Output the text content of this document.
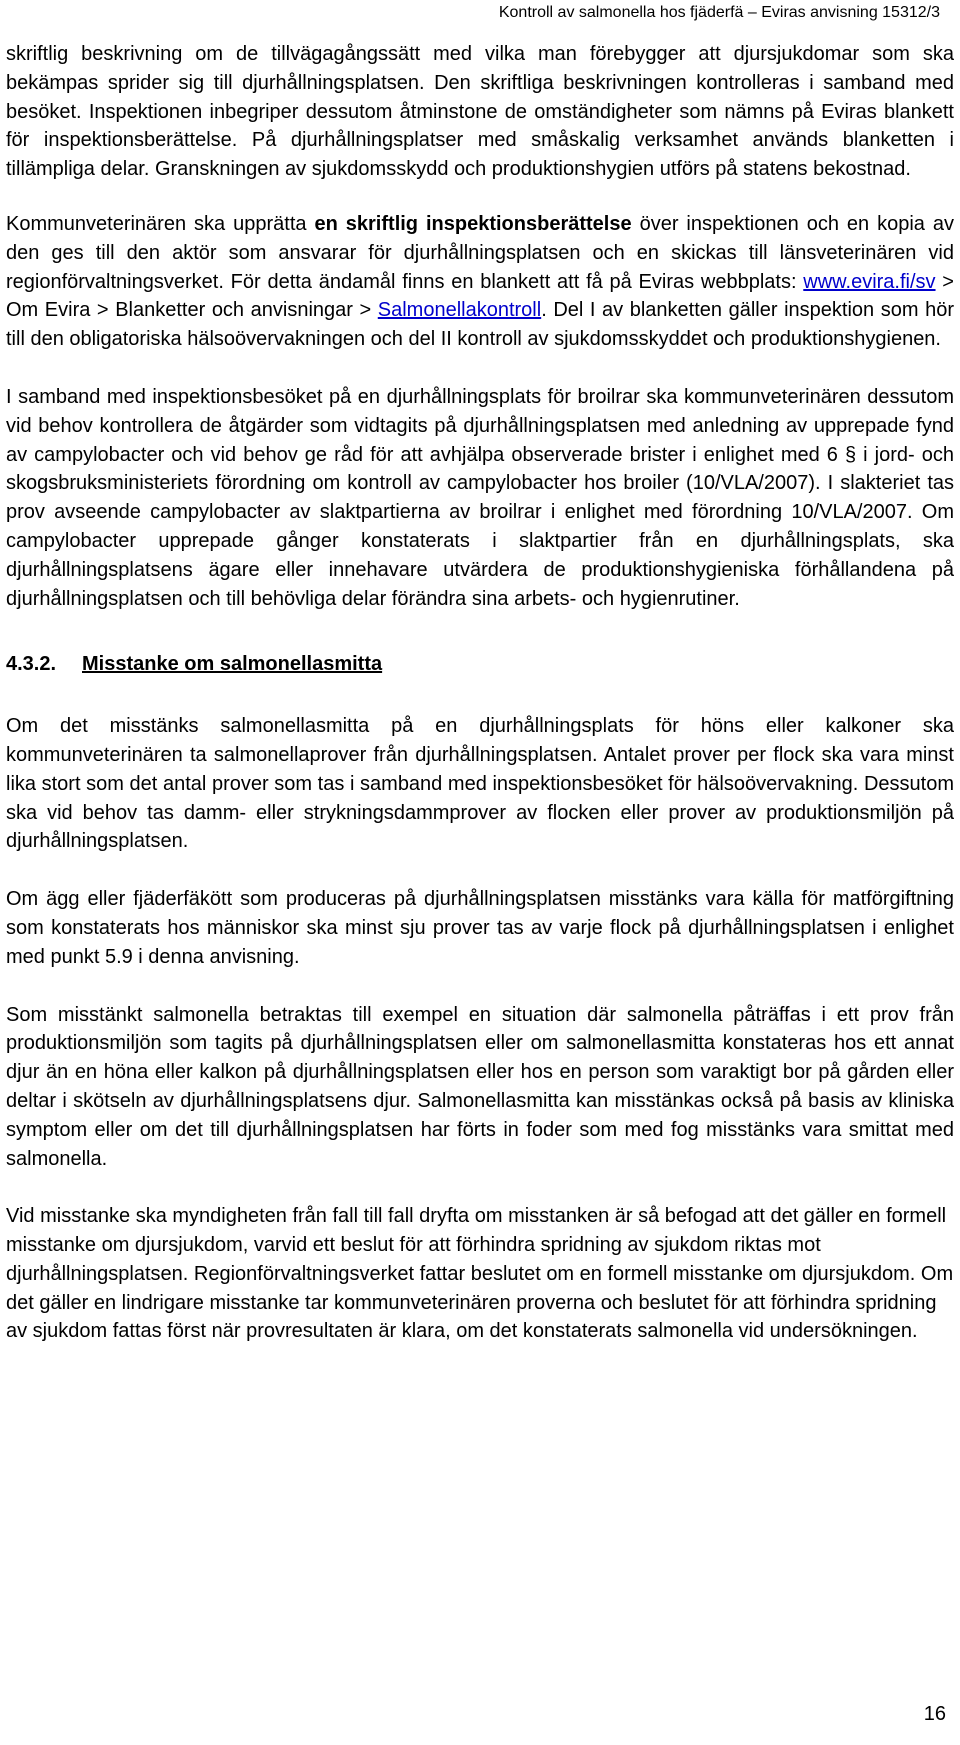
Kontroll av salmonella hos fjäderfä – Eviras anvisning 15312/3

skriftlig beskrivning om de tillvägagångssätt med vilka man förebygger att djursjukdomar som ska bekämpas sprider sig till djurhållningsplatsen. Den skriftliga beskrivningen kontrolleras i samband med besöket. Inspektionen inbegriper dessutom åtminstone de omständigheter som nämns på Eviras blankett för inspektionsberättelse. På djurhållningsplatser med småskalig verksamhet används blanketten i tillämpliga delar. Granskningen av sjukdomsskydd och produktionshygien utförs på statens bekostnad.

Kommunveterinären ska upprätta en skriftlig inspektionsberättelse över inspektionen och en kopia av den ges till den aktör som ansvarar för djurhållningsplatsen och en skickas till länsveterinären vid regionförvaltningsverket. För detta ändamål finns en blankett att få på Eviras webbplats: www.evira.fi/sv > Om Evira > Blanketter och anvisningar > Salmonellakontroll. Del I av blanketten gäller inspektion som hör till den obligatoriska hälsoövervakningen och del II kontroll av sjukdomsskyddet och produktionshygienen.

I samband med inspektionsbesöket på en djurhållningsplats för broilrar ska kommunveterinären dessutom vid behov kontrollera de åtgärder som vidtagits på djurhållningsplatsen med anledning av upprepade fynd av campylobacter och vid behov ge råd för att avhjälpa observerade brister i enlighet med 6 § i jord- och skogsbruksministeriets förordning om kontroll av campylobacter hos broiler (10/VLA/2007). I slakteriet tas prov avseende campylobacter av slaktpartierna av broilrar i enlighet med förordning 10/VLA/2007. Om campylobacter upprepade gånger konstaterats i slaktpartier från en djurhållningsplats, ska djurhållningsplatsens ägare eller innehavare utvärdera de produktionshygieniska förhållandena på djurhållningsplatsen och till behövliga delar förändra sina arbets- och hygienrutiner.

4.3.2. Misstanke om salmonellasmitta

Om det misstänks salmonellasmitta på en djurhållningsplats för höns eller kalkoner ska kommunveterinären ta salmonellaprover från djurhållningsplatsen. Antalet prover per flock ska vara minst lika stort som det antal prover som tas i samband med inspektionsbesöket för hälsoövervakning. Dessutom ska vid behov tas damm- eller strykningsdammprover av flocken eller prover av produktionsmiljön på djurhållningsplatsen.

Om ägg eller fjäderfäkött som produceras på djurhållningsplatsen misstänks vara källa för matförgiftning som konstaterats hos människor ska minst sju prover tas av varje flock på djurhållningsplatsen i enlighet med punkt 5.9 i denna anvisning.

Som misstänkt salmonella betraktas till exempel en situation där salmonella påträffas i ett prov från produktionsmiljön som tagits på djurhållningsplatsen eller om salmonellasmitta konstateras hos ett annat djur än en höna eller kalkon på djurhållningsplatsen eller hos en person som varaktigt bor på gården eller deltar i skötseln av djurhållningsplatsens djur. Salmonellasmitta kan misstänkas också på basis av kliniska symptom eller om det till djurhållningsplatsen har förts in foder som med fog misstänks vara smittat med salmonella.

Vid misstanke ska myndigheten från fall till fall dryfta om misstanken är så befogad att det gäller en formell misstanke om djursjukdom, varvid ett beslut för att förhindra spridning av sjukdom riktas mot djurhållningsplatsen. Regionförvaltningsverket fattar beslutet om en formell misstanke om djursjukdom. Om det gäller en lindrigare misstanke tar kommunveterinären proverna och beslutet för att förhindra spridning av sjukdom fattas först när provresultaten är klara, om det konstaterats salmonella vid undersökningen.

16
